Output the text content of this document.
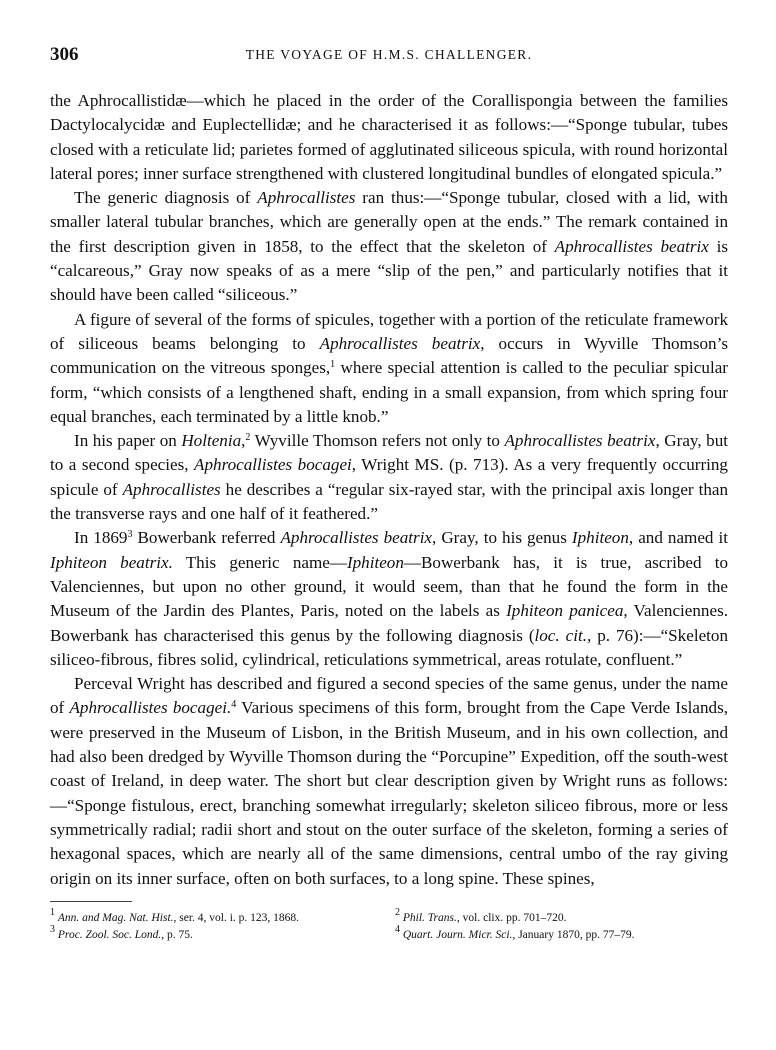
306	THE VOYAGE OF H.M.S. CHALLENGER.

the Aphrocallistidæ—which he placed in the order of the Corallispongia between the families Dactylocalycidæ and Euplectellidæ; and he characterised it as follows:—“Sponge tubular, tubes closed with a reticulate lid; parietes formed of agglutinated siliceous spicula, with round horizontal lateral pores; inner surface strengthened with clustered longitudinal bundles of elongated spicula.”

The generic diagnosis of Aphrocallistes ran thus:—“Sponge tubular, closed with a lid, with smaller lateral tubular branches, which are generally open at the ends.” The remark contained in the first description given in 1858, to the effect that the skeleton of Aphrocallistes beatrix is “calcareous,” Gray now speaks of as a mere “slip of the pen,” and particularly notifies that it should have been called “siliceous.”

A figure of several of the forms of spicules, together with a portion of the reticulate framework of siliceous beams belonging to Aphrocallistes beatrix, occurs in Wyville Thomson’s communication on the vitreous sponges,$^1$ where special attention is called to the peculiar spicular form, “which consists of a lengthened shaft, ending in a small expansion, from which spring four equal branches, each terminated by a little knob.”

In his paper on Holtenia,$^2$ Wyville Thomson refers not only to Aphrocallistes beatrix, Gray, but to a second species, Aphrocallistes bocagei, Wright MS. (p. 713). As a very frequently occurring spicule of Aphrocallistes he describes a “regular six-rayed star, with the principal axis longer than the transverse rays and one half of it feathered.”

In 1869$^3$ Bowerbank referred Aphrocallistes beatrix, Gray, to his genus Iphiteon, and named it Iphiteon beatrix. This generic name—Iphiteon—Bowerbank has, it is true, ascribed to Valenciennes, but upon no other ground, it would seem, than that he found the form in the Museum of the Jardin des Plantes, Paris, noted on the labels as Iphiteon panicea, Valenciennes. Bowerbank has characterised this genus by the following diagnosis (loc. cit., p. 76):—“Skeleton siliceo-fibrous, fibres solid, cylindrical, reticulations symmetrical, areas rotulate, confluent.”

Perceval Wright has described and figured a second species of the same genus, under the name of Aphrocallistes bocagei.$^4$ Various specimens of this form, brought from the Cape Verde Islands, were preserved in the Museum of Lisbon, in the British Museum, and in his own collection, and had also been dredged by Wyville Thomson during the “Porcupine” Expedition, off the south-west coast of Ireland, in deep water. The short but clear description given by Wright runs as follows:—“Sponge fistulous, erect, branching somewhat irregularly; skeleton siliceo fibrous, more or less symmetrically radial; radii short and stout on the outer surface of the skeleton, forming a series of hexagonal spaces, which are nearly all of the same dimensions, central umbo of the ray giving origin on its inner surface, often on both surfaces, to a long spine. These spines,

$^1$ Ann. and Mag. Nat. Hist., ser. 4, vol. i. p. 123, 1868.	$^2$ Phil. Trans., vol. clix. pp. 701–720.
$^3$ Proc. Zool. Soc. Lond., p. 75.	$^4$ Quart. Journ. Micr. Sci., January 1870, pp. 77–79.
